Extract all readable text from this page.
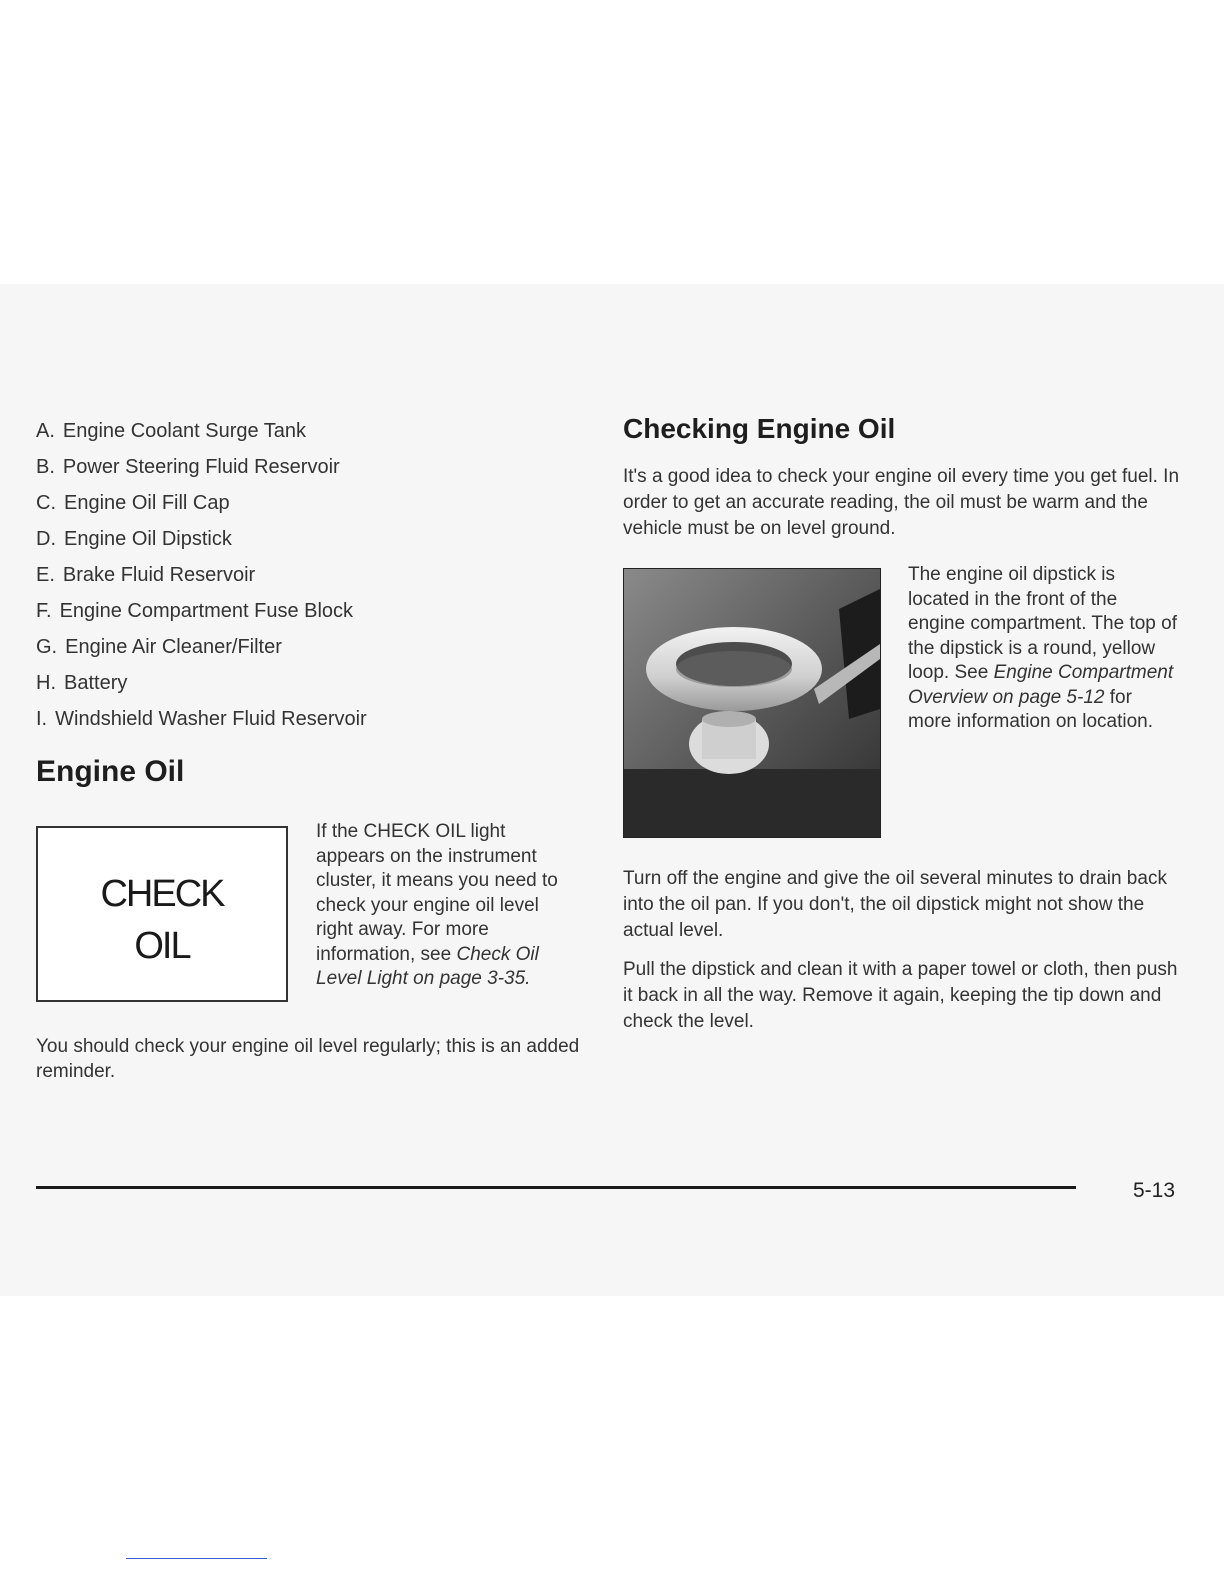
A. Engine Coolant Surge Tank
B. Power Steering Fluid Reservoir
C. Engine Oil Fill Cap
D. Engine Oil Dipstick
E. Brake Fluid Reservoir
F. Engine Compartment Fuse Block
G. Engine Air Cleaner/Filter
H. Battery
I. Windshield Washer Fluid Reservoir
Engine Oil
CHECK
OIL

If the CHECK OIL light appears on the instrument cluster, it means you need to check your engine oil level right away. For more information, see Check Oil Level Light on page 3-35.

You should check your engine oil level regularly; this is an added reminder.

Checking Engine Oil

It's a good idea to check your engine oil every time you get fuel. In order to get an accurate reading, the oil must be warm and the vehicle must be on level ground.

The engine oil dipstick is located in the front of the engine compartment. The top of the dipstick is a round, yellow loop. See Engine Compartment Overview on page 5-12 for more information on location.

Turn off the engine and give the oil several minutes to drain back into the oil pan. If you don't, the oil dipstick might not show the actual level.

Pull the dipstick and clean it with a paper towel or cloth, then push it back in all the way. Remove it again, keeping the tip down and check the level.

5-13
